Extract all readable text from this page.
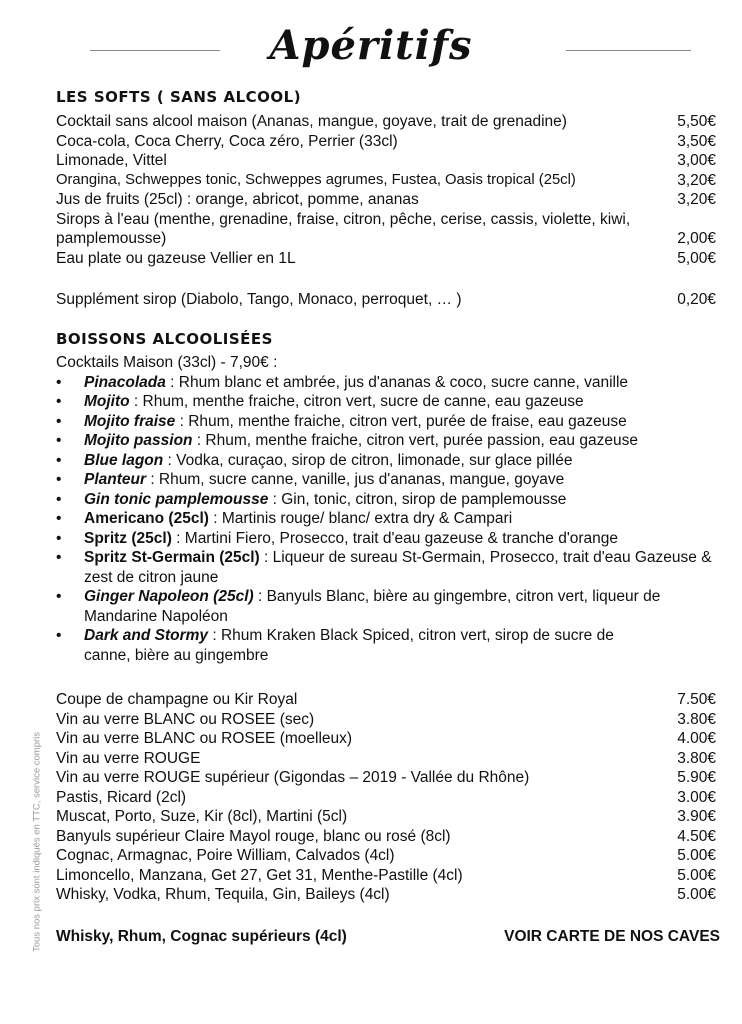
Apéritifs
LES SOFTS ( SANS ALCOOL)
Cocktail sans alcool maison (Ananas, mangue, goyave, trait de grenadine)	5,50€
Coca-cola, Coca Cherry, Coca zéro, Perrier (33cl)	3,50€
Limonade, Vittel	3,00€
Orangina, Schweppes tonic, Schweppes agrumes, Fustea, Oasis tropical (25cl)	3,20€
Jus de fruits (25cl) : orange, abricot, pomme, ananas	3,20€
Sirops à l'eau (menthe, grenadine, fraise, citron, pêche, cerise, cassis, violette, kiwi, pamplemousse)	2,00€
Eau plate ou gazeuse Vellier en 1L	5,00€
Supplément sirop (Diabolo, Tango, Monaco, perroquet, … )	0,20€
BOISSONS ALCOOLISÉES
Cocktails Maison (33cl) - 7,90€ :
• Pinacolada : Rhum blanc et ambrée, jus d'ananas & coco, sucre canne, vanille
• Mojito : Rhum, menthe fraiche, citron vert, sucre de canne, eau gazeuse
• Mojito fraise : Rhum, menthe fraiche, citron vert, purée de fraise, eau gazeuse
• Mojito passion : Rhum, menthe fraiche, citron vert, purée passion, eau gazeuse
• Blue lagon : Vodka, curaçao, sirop de citron, limonade, sur glace pillée
• Planteur : Rhum, sucre canne, vanille, jus d'ananas, mangue, goyave
• Gin tonic pamplemousse : Gin, tonic, citron, sirop de pamplemousse
• Americano (25cl) : Martinis rouge/ blanc/ extra dry & Campari
• Spritz (25cl) : Martini Fiero, Prosecco, trait d'eau gazeuse & tranche d'orange
• Spritz St-Germain (25cl) : Liqueur de sureau St-Germain, Prosecco, trait d'eau Gazeuse & zest de citron jaune
• Ginger Napoleon (25cl) : Banyuls Blanc, bière au gingembre, citron vert, liqueur de Mandarine Napoléon
• Dark and Stormy : Rhum Kraken Black Spiced, citron vert, sirop de sucre de canne, bière au gingembre
Coupe de champagne ou Kir Royal	7.50€
Vin au verre BLANC ou ROSEE (sec)	3.80€
Vin au verre BLANC ou ROSEE (moelleux)	4.00€
Vin au verre ROUGE	3.80€
Vin au verre ROUGE supérieur (Gigondas – 2019 - Vallée du Rhône)	5.90€
Pastis, Ricard (2cl)	3.00€
Muscat, Porto, Suze, Kir (8cl), Martini (5cl)	3.90€
Banyuls supérieur Claire Mayol rouge, blanc ou rosé (8cl)	4.50€
Cognac, Armagnac, Poire William, Calvados (4cl)	5.00€
Limoncello, Manzana, Get 27, Get 31, Menthe-Pastille (4cl)	5.00€
Whisky, Vodka, Rhum, Tequila, Gin, Baileys (4cl)	5.00€
Whisky, Rhum, Cognac supérieurs (4cl)	VOIR CARTE DE NOS CAVES
Tous nos prix sont indiqués en TTC, service compris
